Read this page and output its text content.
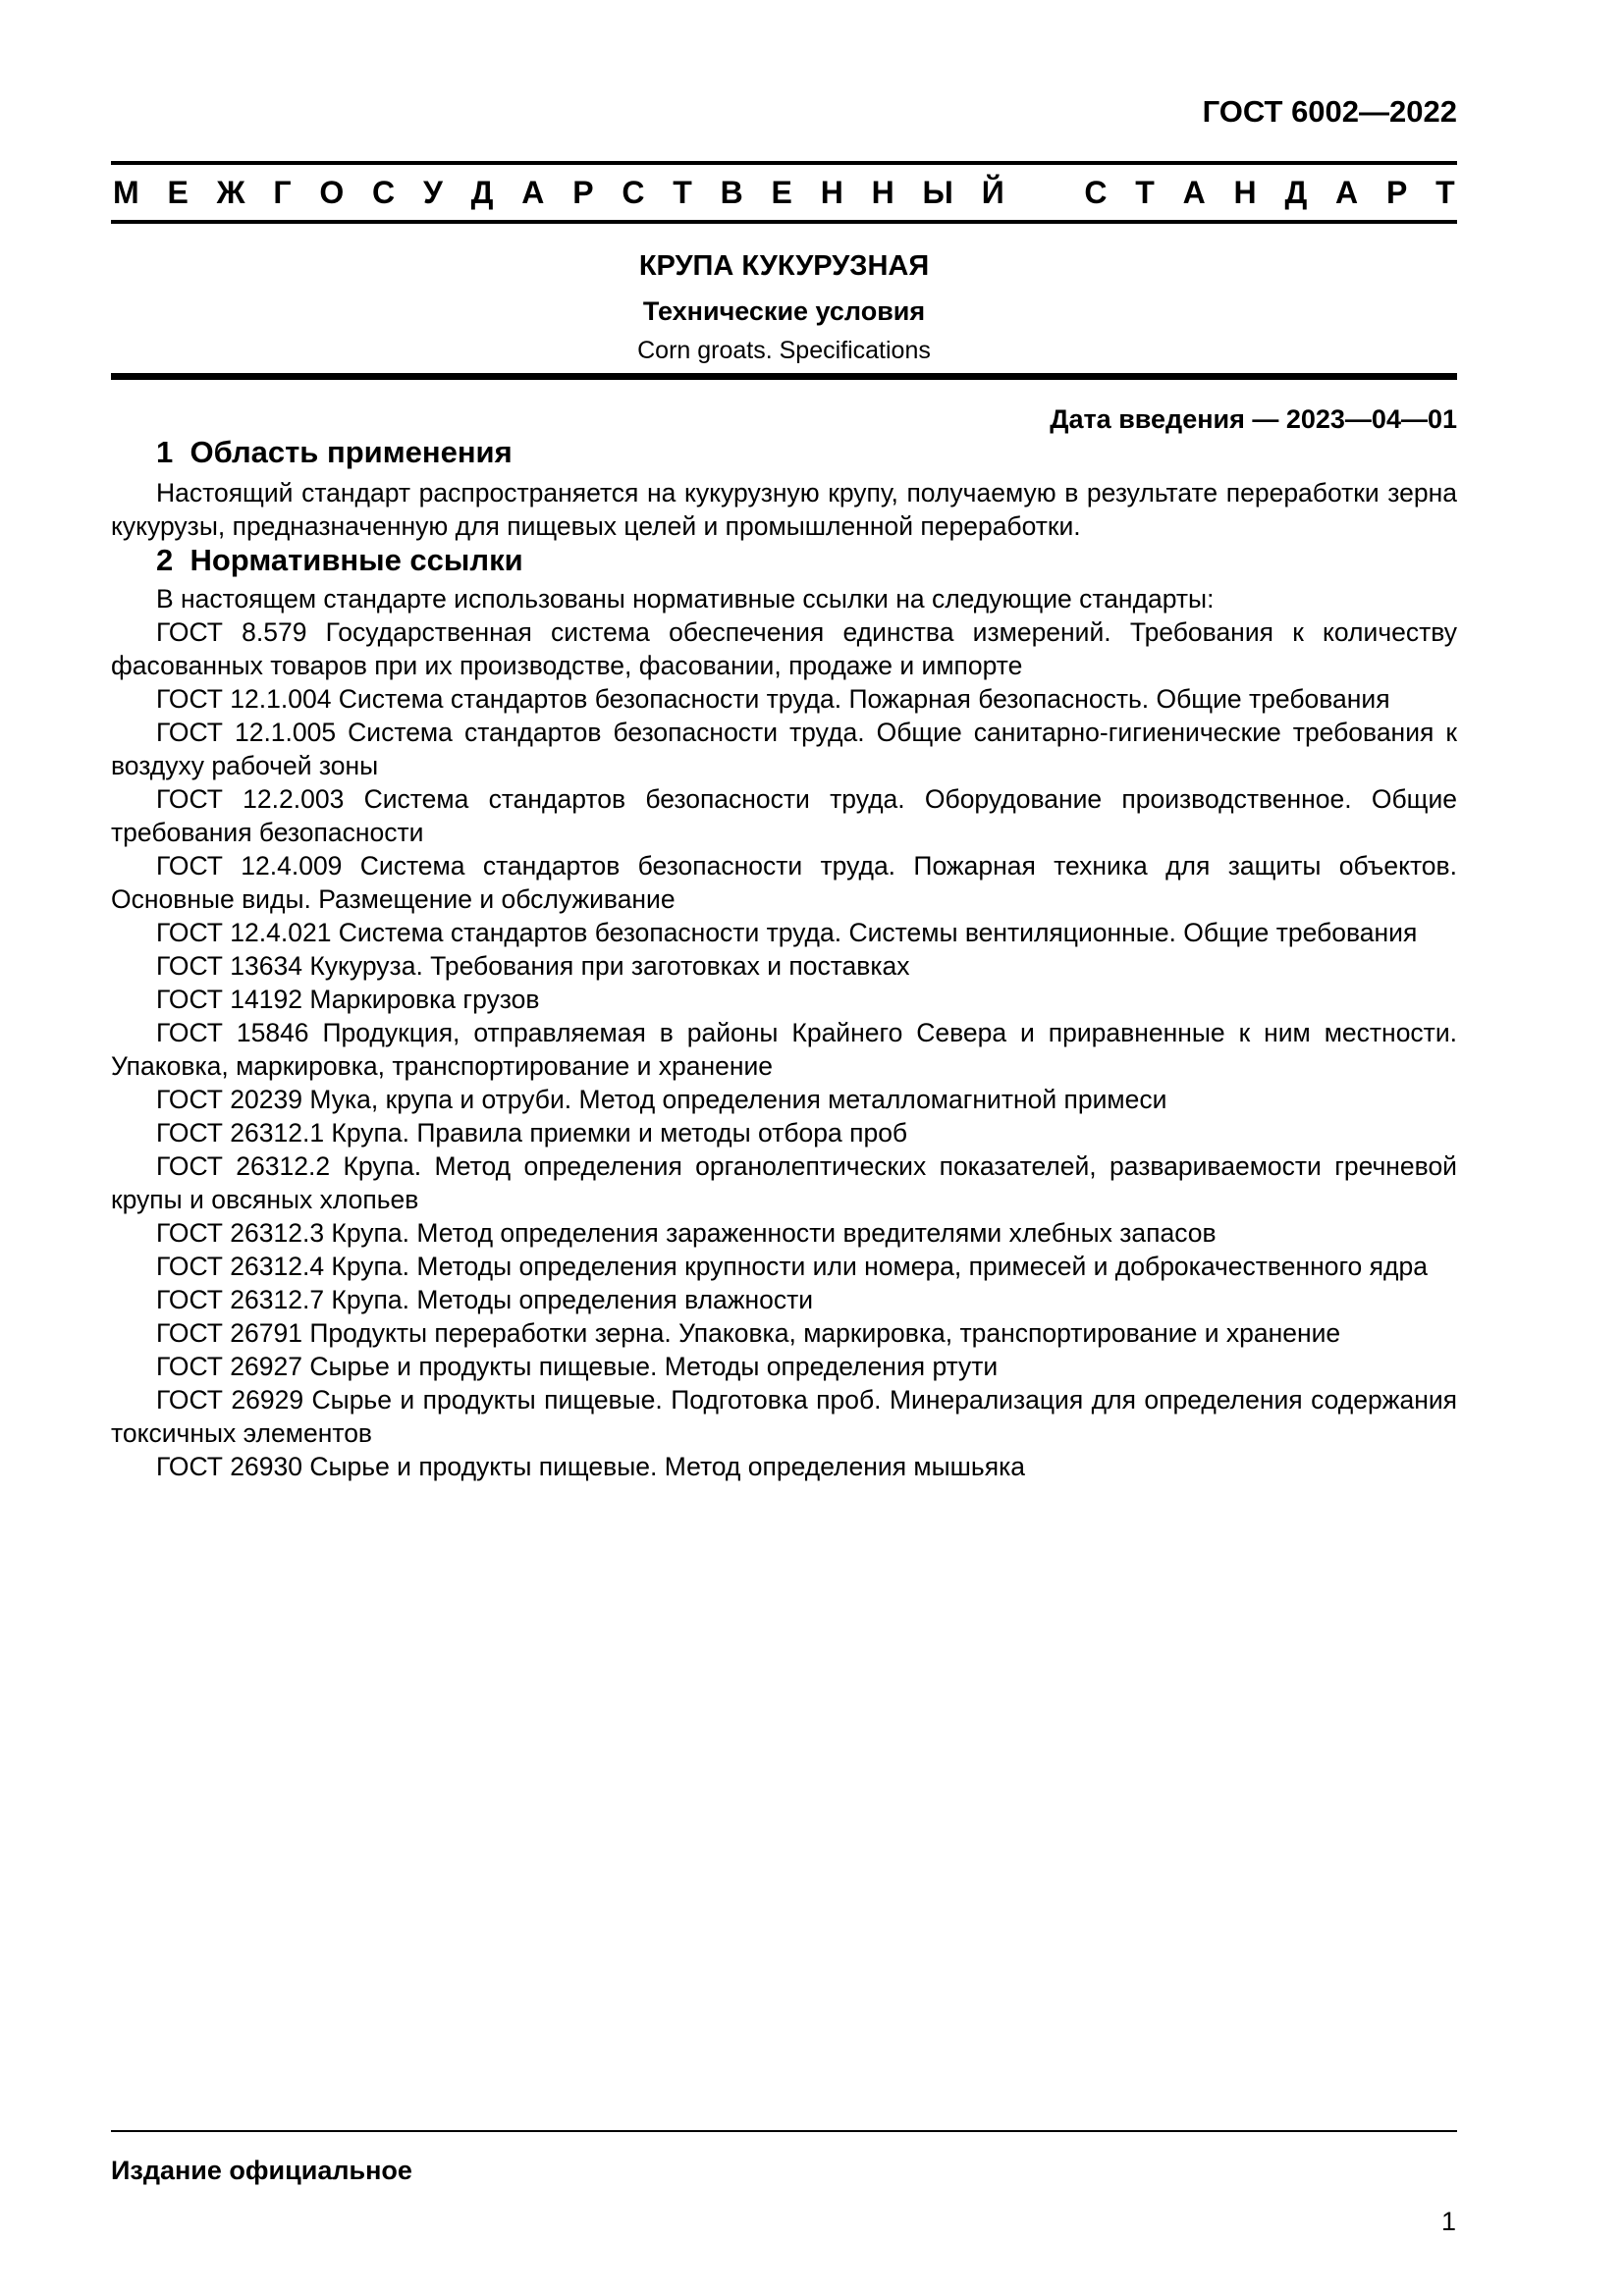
ГОСТ 6002—2022
М Е Ж Г О С У Д А Р С Т В Е Н Н Ы Й	С Т А Н Д А Р Т
КРУПА КУКУРУЗНАЯ
Технические условия
Corn groats. Specifications
Дата введения — 2023—04—01
1  Область применения

Настоящий стандарт распространяется на кукурузную крупу, получаемую в результате переработки зерна кукурузы, предназначенную для пищевых целей и промышленной переработки.

2  Нормативные ссылки

В настоящем стандарте использованы нормативные ссылки на следующие стандарты:

ГОСТ 8.579 Государственная система обеспечения единства измерений. Требования к количеству фасованных товаров при их производстве, фасовании, продаже и импорте

ГОСТ 12.1.004 Система стандартов безопасности труда. Пожарная безопасность. Общие требования

ГОСТ 12.1.005 Система стандартов безопасности труда. Общие санитарно-гигиенические требования к воздуху рабочей зоны

ГОСТ 12.2.003 Система стандартов безопасности труда. Оборудование производственное. Общие требования безопасности

ГОСТ 12.4.009 Система стандартов безопасности труда. Пожарная техника для защиты объектов. Основные виды. Размещение и обслуживание

ГОСТ 12.4.021 Система стандартов безопасности труда. Системы вентиляционные. Общие требования

ГОСТ 13634 Кукуруза. Требования при заготовках и поставках

ГОСТ 14192 Маркировка грузов

ГОСТ 15846 Продукция, отправляемая в районы Крайнего Севера и приравненные к ним местности. Упаковка, маркировка, транспортирование и хранение

ГОСТ 20239 Мука, крупа и отруби. Метод определения металломагнитной примеси

ГОСТ 26312.1 Крупа. Правила приемки и методы отбора проб

ГОСТ 26312.2 Крупа. Метод определения органолептических показателей, развариваемости гречневой крупы и овсяных хлопьев

ГОСТ 26312.3 Крупа. Метод определения зараженности вредителями хлебных запасов

ГОСТ 26312.4 Крупа. Методы определения крупности или номера, примесей и доброкачественного ядра

ГОСТ 26312.7 Крупа. Методы определения влажности

ГОСТ 26791 Продукты переработки зерна. Упаковка, маркировка, транспортирование и хранение

ГОСТ 26927 Сырье и продукты пищевые. Методы определения ртути

ГОСТ 26929 Сырье и продукты пищевые. Подготовка проб. Минерализация для определения содержания токсичных элементов

ГОСТ 26930 Сырье и продукты пищевые. Метод определения мышьяка

Издание официальное
1
